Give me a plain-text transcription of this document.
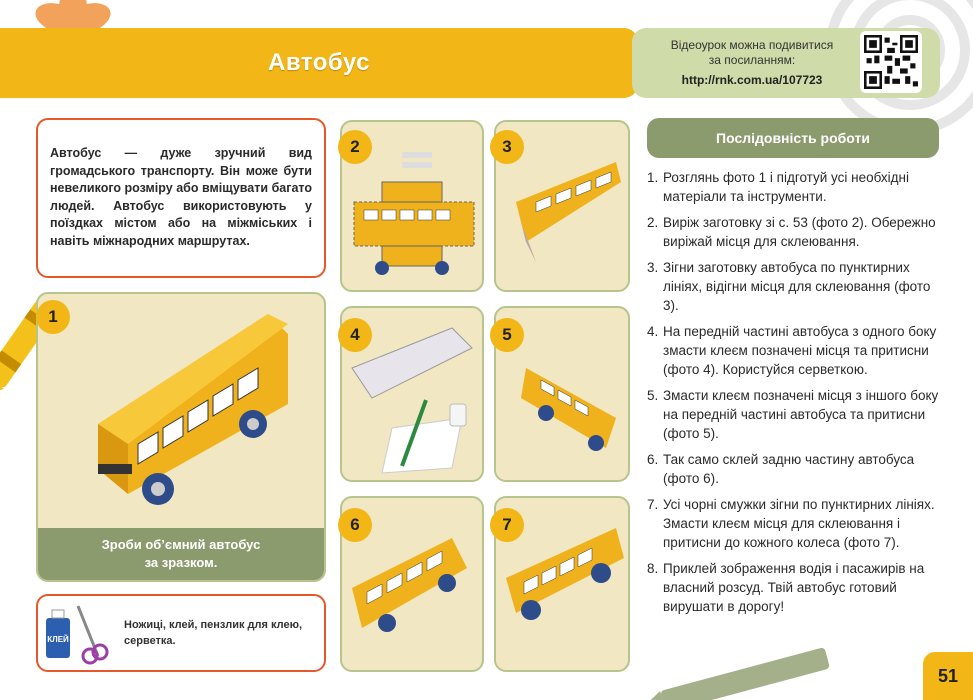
Автобус
Відеоурок можна подивитися
за посиланням:
http://rnk.com.ua/107723
Автобус — дуже зручний вид громадського транспорту. Він може бути невеликого розміру або вміщувати багато людей. Автобус використовують у поїздках містом або на міжміських і навіть міжнародних маршрутах.
1
Зроби об’ємний автобус
за зразком.
2	3
4	5
6	7
КЛЕЙ
Ножиці, клей, пензлик для клею, серветка.
Послідовність роботи
1. Розглянь фото 1 і підготуй усі необхідні матеріали та інструменти.
2. Виріж заготовку зі с. 53 (фото 2). Обережно виріжай місця для склеювання.
3. Зігни заготовку автобуса по пунктирних лініях, відігни місця для склеювання (фото 3).
4. На передній частині автобуса з одного боку змасти клеєм позначені місця та притисни (фото 4). Користуйся серветкою.
5. Змасти клеєм позначені місця з іншого боку на передній частині автобуса та притисни (фото 5).
6. Так само склей задню частину автобуса (фото 6).
7. Усі чорні смужки зігни по пунктирних лініях. Змасти клеєм місця для склеювання і притисни до кожного колеса (фото 7).
8. Приклей зображення водія і пасажирів на власний розсуд. Твій автобус готовий вирушати в дорогу!
51
